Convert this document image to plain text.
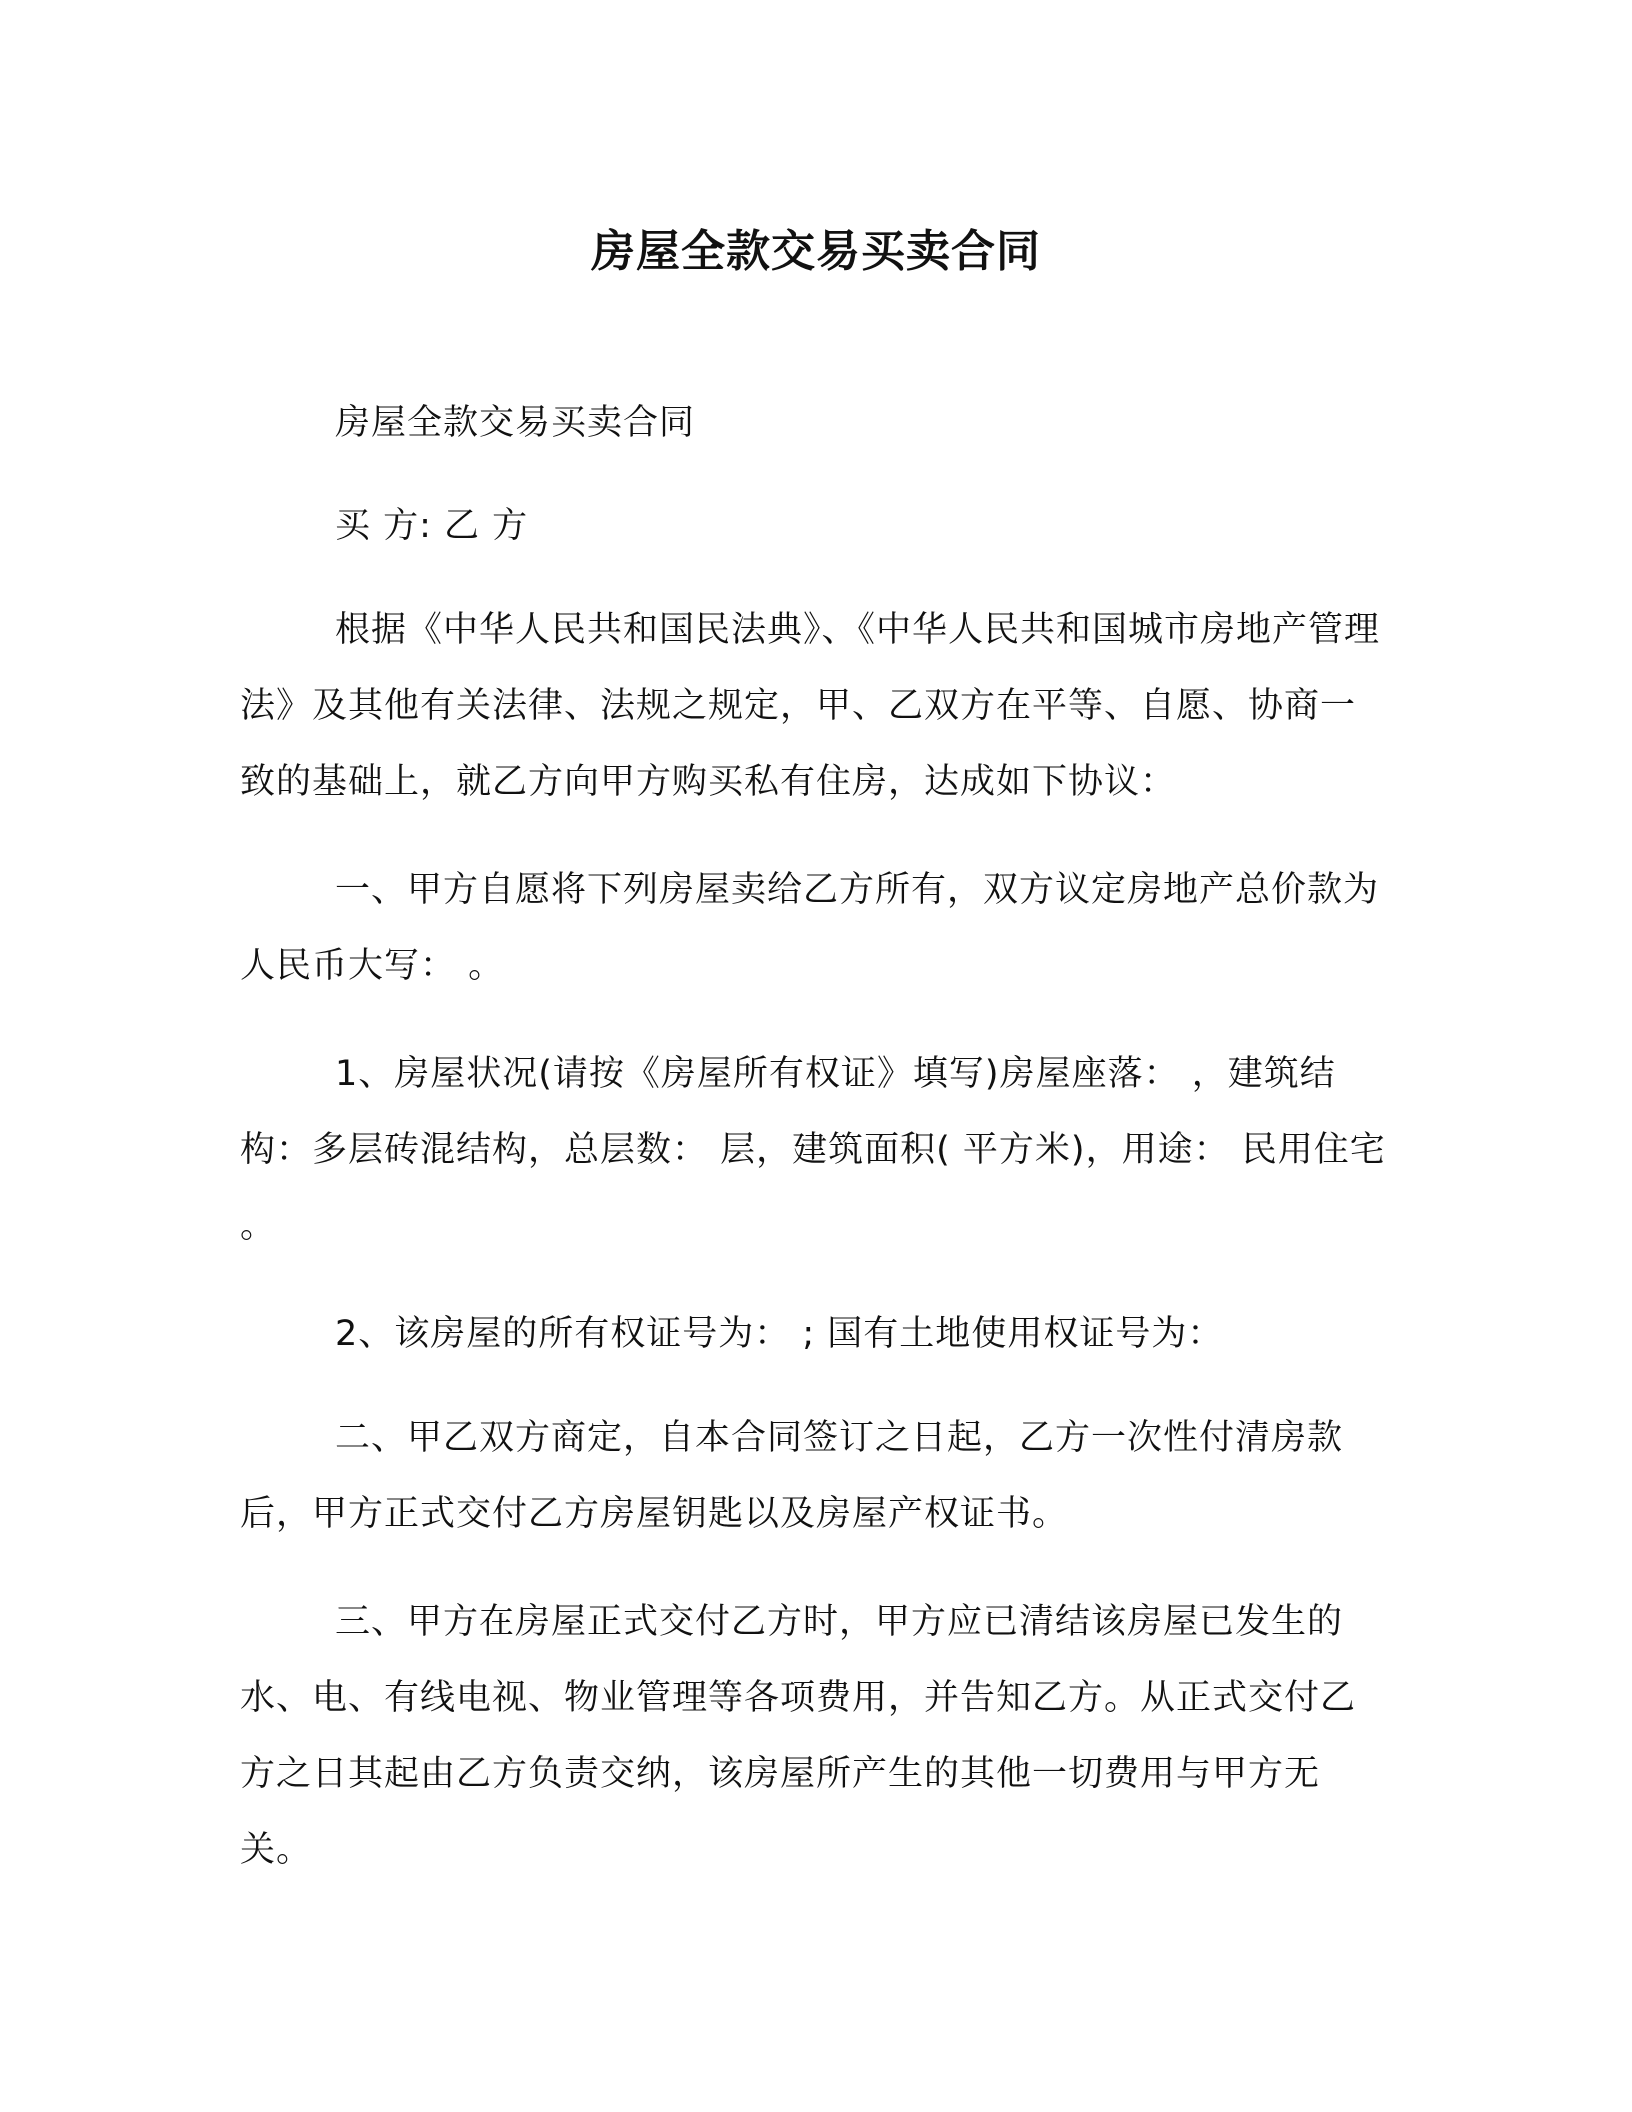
房屋全款交易买卖合同

房屋全款交易买卖合同

买 方: 乙 方

根据《中华人民共和国民法典》、《中华人民共和国城市房地产管理法》及其他有关法律、法规之规定，甲、乙双方在平等、自愿、协商一致的基础上，就乙方向甲方购买私有住房，达成如下协议：

一、甲方自愿将下列房屋卖给乙方所有，双方议定房地产总价款为人民币大写： 。

1、房屋状况(请按《房屋所有权证》填写)房屋座落： ，建筑结构：多层砖混结构，总层数： 层，建筑面积( 平方米)，用途： 民用住宅 。

2、该房屋的所有权证号为： ; 国有土地使用权证号为：

二、甲乙双方商定，自本合同签订之日起，乙方一次性付清房款后，甲方正式交付乙方房屋钥匙以及房屋产权证书。

三、甲方在房屋正式交付乙方时，甲方应已清结该房屋已发生的水、电、有线电视、物业管理等各项费用，并告知乙方。从正式交付乙方之日其起由乙方负责交纳，该房屋所产生的其他一切费用与甲方无关。
